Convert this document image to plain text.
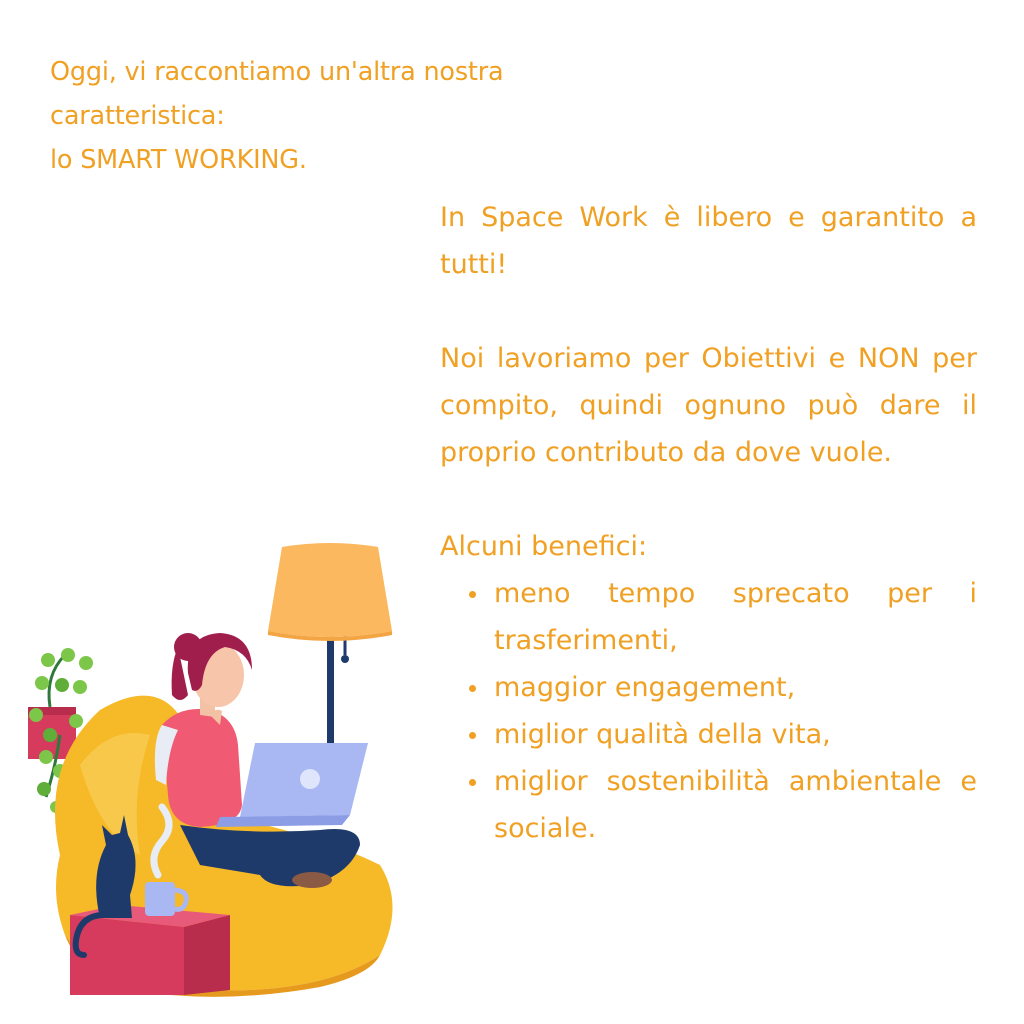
Oggi, vi raccontiamo un'altra nostra
caratteristica:
lo SMART WORKING.

In Space Work è libero e garantito a tutti!

Noi lavoriamo per Obiettivi e NON per compito, quindi ognuno può dare il proprio contributo da dove vuole.

Alcuni benefici:

meno tempo sprecato per i trasferimenti,
maggior engagement,
miglior qualità della vita,
miglior sostenibilità ambientale e sociale.
